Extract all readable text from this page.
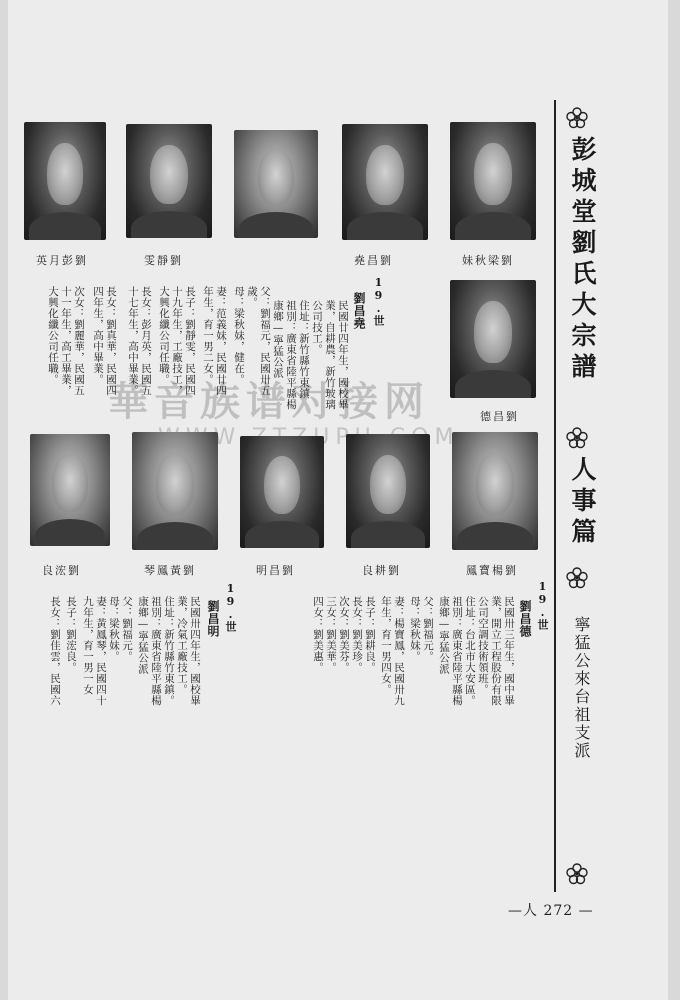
華音族谱对接网
英月彭劉	雯靜劉	堯昌劉	妹秋梁劉
德昌劉
19.世
劉昌堯
民國廿四年生，國校畢
業，自耕農，新竹玻璃
公司技工。
住址：新竹縣竹東鎮
祖別：廣東省陸平縣楊
康鄉—寧猛公派
父：劉福元，民國卅五
歲。
母：梁秋妹，健在。
妻：范義妹，民國廿四
年生，育一男二女。
長子：劉靜雯，民國四
十九年生，工廠技工，
大興化纖公司任職。
長女：彭月英，民國五
十七年生，高中畢業。
長女：劉真華，民國四
四年生，高中畢業。
次女：劉麗華，民國五
十一年生，高工畢業，
大興化纖公司任職。
良浤劉	琴鳳黃劉	明昌劉	良耕劉	鳳寶楊劉
19.世
劉昌明
民國卅四年生，國校畢
業，冷氣工廠技工。
住址：新竹縣竹東鎮。
祖別：廣東省陸平縣楊
康鄉—寧猛公派
父：劉福元。
母：梁秋妹。
妻：黃鳳琴，民國四十
九年生，育一男一女
長子：劉浤良。
長女：劉佳雲，民國六	19.世
劉昌德
民國卅三年生，國中畢
業，開立工程股份有限
公司空調技術領班。
住址：台北市大安區。
祖別：廣東省陸平縣楊
康鄉—寧猛公派
父：劉福元。
母：梁秋妹。
妻：楊寶鳳，民國卅九
年生，育一男四女。
長子：劉耕良。
長女：劉美珍。
次女：劉美芬。
三女：劉美華。
四女：劉美惠。
彭城堂劉氏大宗譜
人事篇
寧猛公來台祖支派
—人 272 —
